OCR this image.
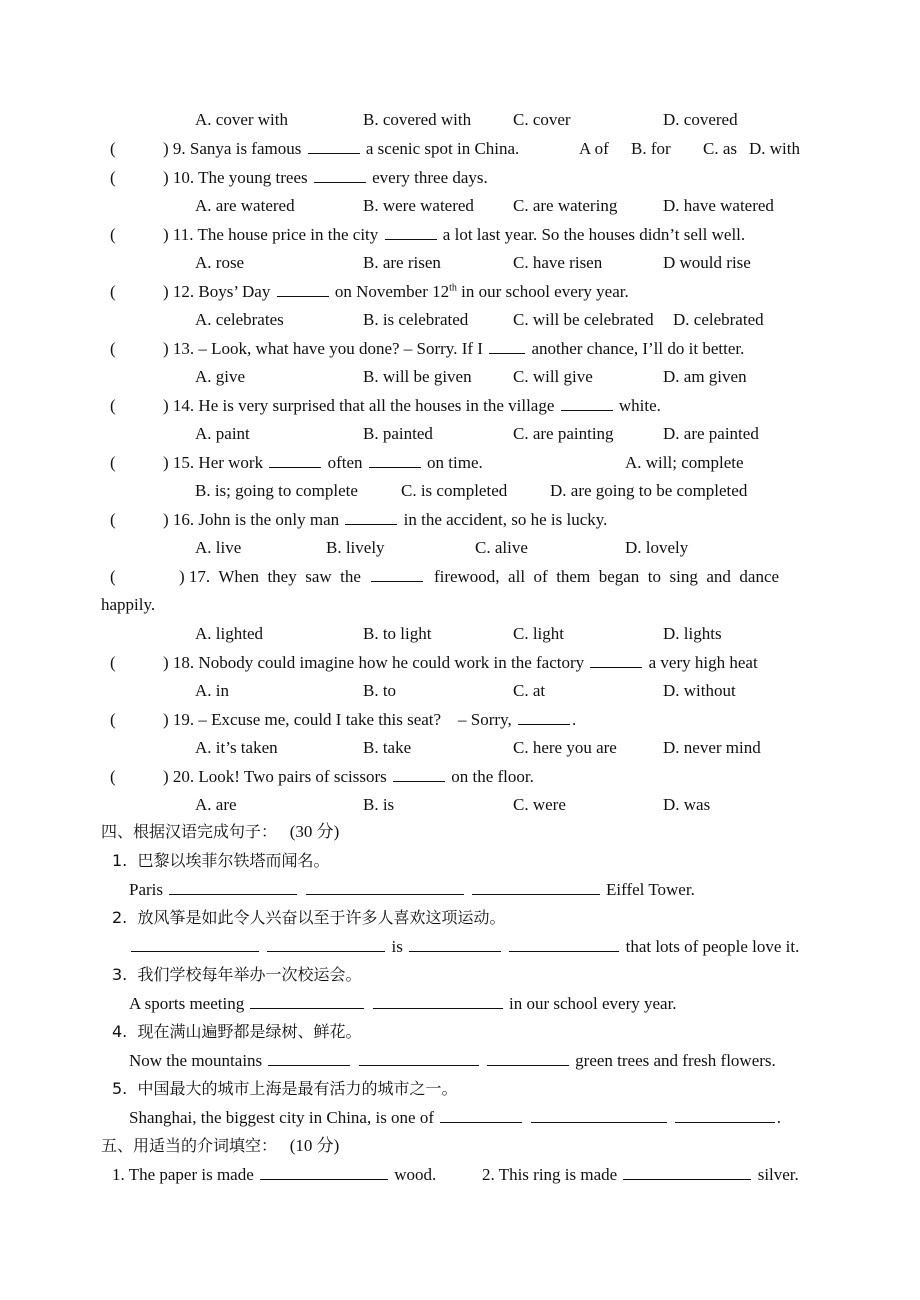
A. cover with	B. covered with C. cover	D. covered
(	) 9. Sanya is famous	a scenic spot in China.	A of B. for C. as D. with
(	) 10. The young trees	every three days.
A. are watered	B. were watered C. are watering	D. have watered
(	) 11. The house price in the city	a lot last year. So the houses didn’t sell well.
A. rose	B. are risen	C. have risen	D would rise
(	) 12. Boys’ Day	on November 12th in our school every year.
A. celebrates	B. is celebrated	C. will be celebrated D. celebrated
(	) 13. – Look, what have you done? – Sorry. If I	another chance, I’ll do it better.
A. give	B. will be given C. will give	D. am given
(	) 14. He is very surprised that all the houses in the village	white.
A. paint	B. painted	C. are painting	D. are painted
(	) 15. Her work	often	on time.	A. will; complete
B. is; going to complete	C. is completed	D. are going to be completed
(	) 16. John is the only man	in the accident, so he is lucky.
A. live	B. lively	C. alive	D. lovely
(	) 17.  When  they  saw  the	firewood,  all  of  them  began  to  sing  and  dance
happily.
A. lighted	B. to light	C. light	D. lights
(	) 18. Nobody could imagine how he could work in the factory	a very high heat
A. in	B. to	C. at	D. without
(	) 19. – Excuse me, could I take this seat?    – Sorry,	.
A. it’s taken	B. take	C. here you are	D. never mind
(	) 20. Look! Two pairs of scissors	on the floor.
A. are	B. is	C. were	D. was
四、根据汉语完成句子： (30 分)
1.  巴黎以埃菲尔铁塔而闻名。
Paris	Eiffel Tower.
2.  放风筝是如此令人兴奋以至于许多人喜欢这项运动。
is	that lots of people love it.
3.  我们学校每年举办一次校运会。
A sports meeting	in our school every year.
4.  现在满山遍野都是绿树、鲜花。
Now the mountains	green trees and fresh flowers.
5.  中国最大的城市上海是最有活力的城市之一。
Shanghai, the biggest city in China, is one of	.
五、用适当的介词填空： (10 分)
1. The paper is made	wood.	2. This ring is made	silver.
